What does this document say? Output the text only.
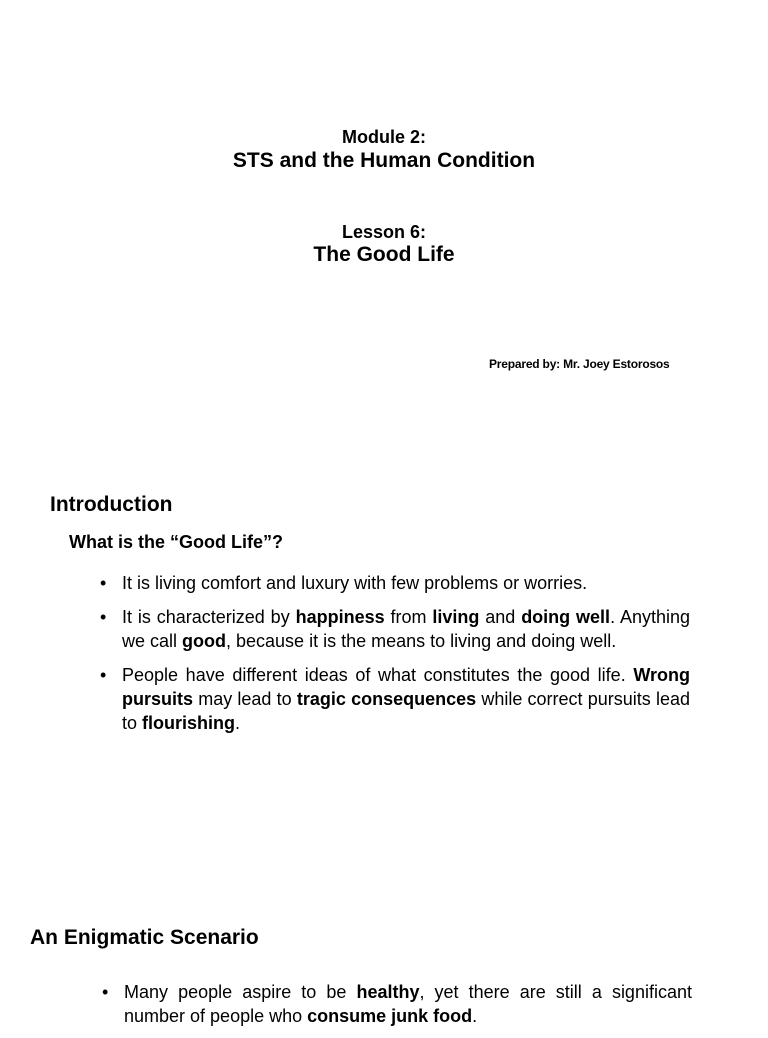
Module 2:
STS and the Human Condition
Lesson 6:
The Good Life
Prepared by: Mr. Joey Estorosos
Introduction
What is the “Good Life”?
• It is living comfort and luxury with few problems or worries.
• It is characterized by happiness from living and doing well. Anything we call good, because it is the means to living and doing well.
• People have different ideas of what constitutes the good life. Wrong pursuits may lead to tragic consequences while correct pursuits lead to flourishing.
An Enigmatic Scenario
• Many people aspire to be healthy, yet there are still a significant number of people who consume junk food.
